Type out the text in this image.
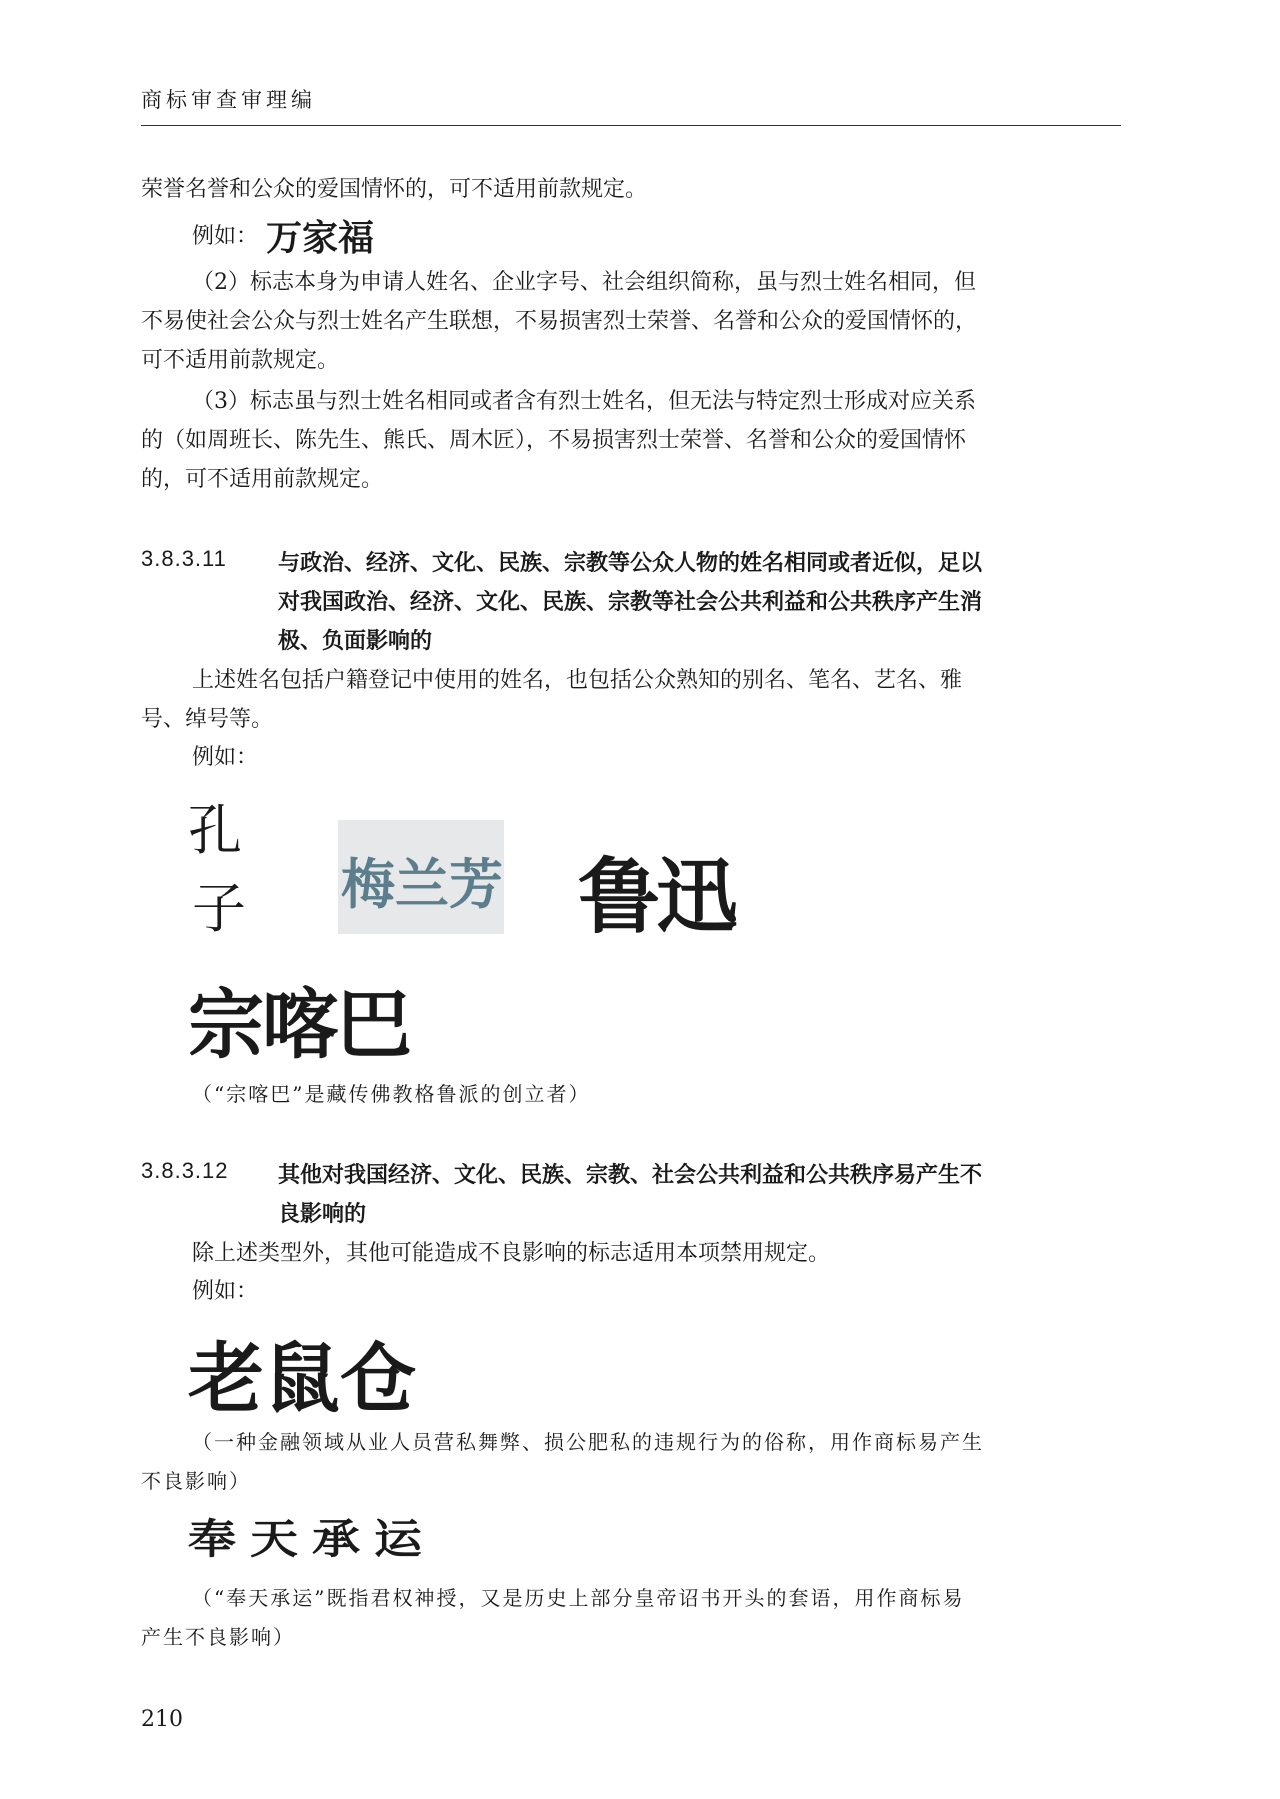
商标审查审理编
荣誉名誉和公众的爱国情怀的，可不适用前款规定。
例如： 万家福
（2）标志本身为申请人姓名、企业字号、社会组织简称，虽与烈士姓名相同，但
不易使社会公众与烈士姓名产生联想，不易损害烈士荣誉、名誉和公众的爱国情怀的，
可不适用前款规定。
（3）标志虽与烈士姓名相同或者含有烈士姓名，但无法与特定烈士形成对应关系
的（如周班长、陈先生、熊氏、周木匠），不易损害烈士荣誉、名誉和公众的爱国情怀
的，可不适用前款规定。
3.8.3.11 与政治、经济、文化、民族、宗教等公众人物的姓名相同或者近似，足以
对我国政治、经济、文化、民族、宗教等社会公共利益和公共秩序产生消
极、负面影响的
上述姓名包括户籍登记中使用的姓名，也包括公众熟知的别名、笔名、艺名、雅
号、绰号等。
例如：
孔
子 梅兰芳 鲁迅
宗喀巴
（“宗喀巴”是藏传佛教格鲁派的创立者）
3.8.3.12 其他对我国经济、文化、民族、宗教、社会公共利益和公共秩序易产生不
良影响的
除上述类型外，其他可能造成不良影响的标志适用本项禁用规定。
例如：
老鼠仓
（一种金融领域从业人员营私舞弊、损公肥私的违规行为的俗称，用作商标易产生
不良影响）
奉天承运
（“奉天承运”既指君权神授，又是历史上部分皇帝诏书开头的套语，用作商标易
产生不良影响）
210
